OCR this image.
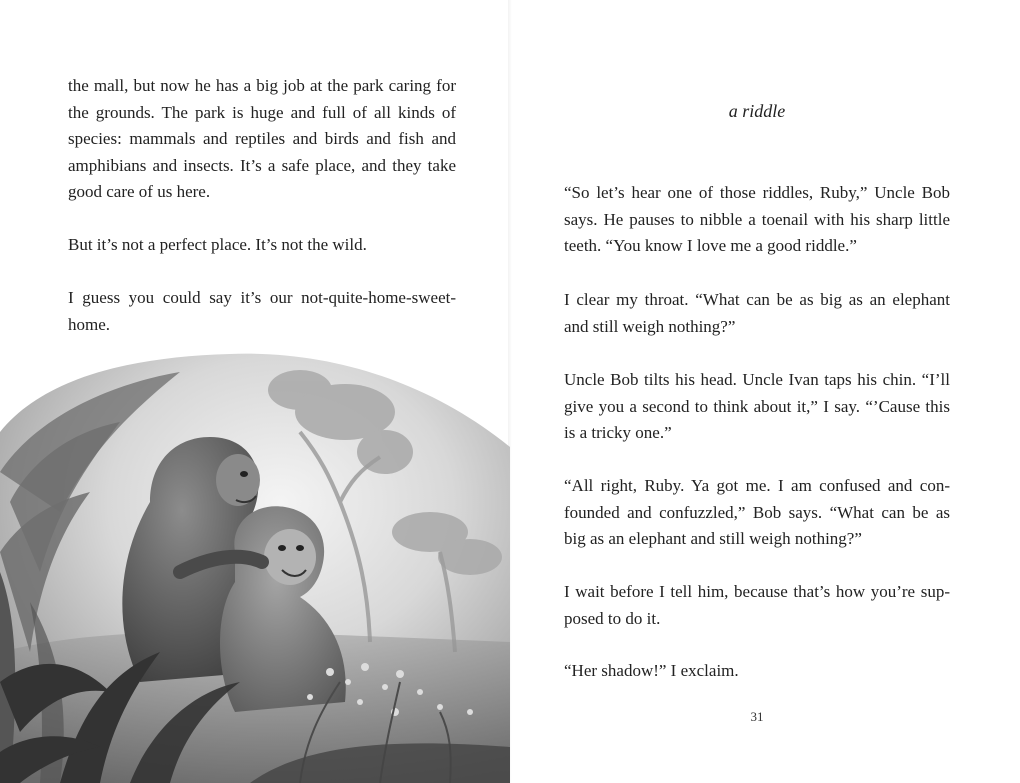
the mall, but now he has a big job at the park caring for the grounds. The park is huge and full of all kinds of species: mammals and reptiles and birds and fish and amphibians and insects. It’s a safe place, and they take good care of us here.

But it’s not a perfect place. It’s not the wild.

I guess you could say it’s our not-quite-home-sweet-home.

a riddle

“So let’s hear one of those riddles, Ruby,” Uncle Bob says. He pauses to nibble a toenail with his sharp little teeth. “You know I love me a good riddle.”

I clear my throat. “What can be as big as an elephant and still weigh nothing?”

Uncle Bob tilts his head. Uncle Ivan taps his chin. “I’ll give you a second to think about it,” I say. “’Cause this is a tricky one.”

“All right, Ruby. Ya got me. I am confused and confounded and confuzzled,” Bob says. “What can be as big as an elephant and still weigh nothing?”

I wait before I tell him, because that’s how you’re supposed to do it.

“Her shadow!” I exclaim.

31
